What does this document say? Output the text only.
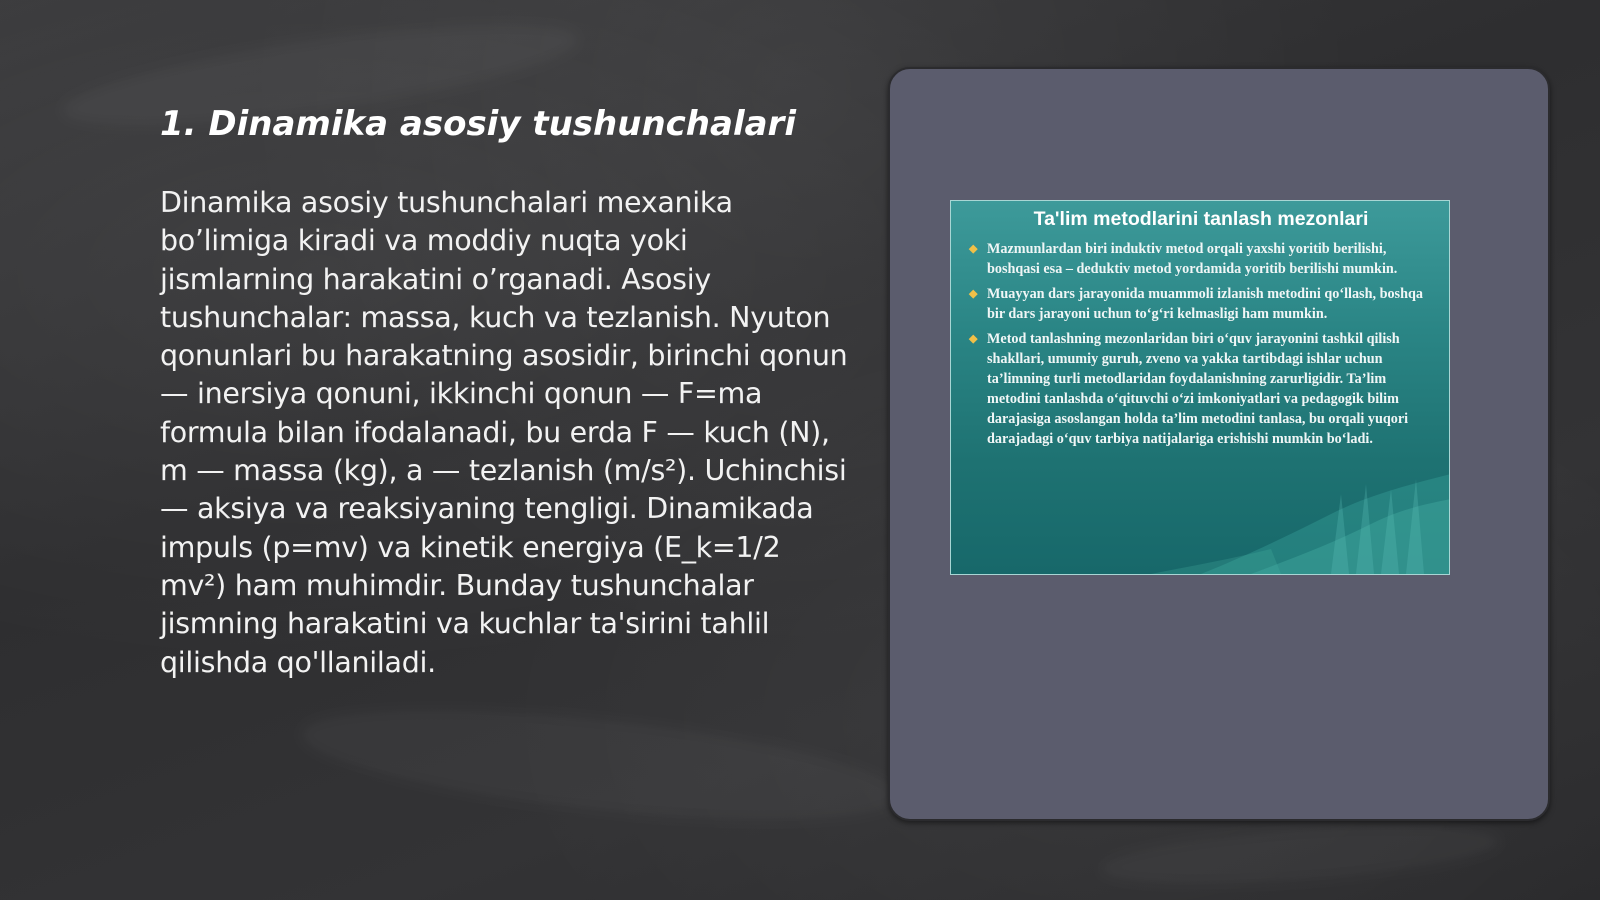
1. Dinamika asosiy tushunchalari

Dinamika asosiy tushunchalari mexanika bo’limiga kiradi va moddiy nuqta yoki jismlarning harakatini o’rganadi. Asosiy tushunchalar: massa, kuch va tezlanish. Nyuton qonunlari bu harakatning asosidir, birinchi qonun — inersiya qonuni, ikkinchi qonun — F=ma formula bilan ifodalanadi, bu erda F — kuch (N), m — massa (kg), a — tezlanish (m/s²). Uchinchisi — aksiya va reaksiyaning tengligi. Dinamikada impuls (p=mv) va kinetik energiya (E_k=1/2 mv²) ham muhimdir. Bunday tushunchalar jismning harakatini va kuchlar ta'sirini tahlil qilishda qo'llaniladi.

Ta'lim metodlarini tanlash mezonlari
◆ Mazmunlardan biri induktiv metod orqali yaxshi yoritib berilishi, boshqasi esa – deduktiv metod yordamida yoritib berilishi mumkin.
◆ Muayyan dars jarayonida muammoli izlanish metodini qo‘llash, boshqa bir dars jarayoni uchun to‘g‘ri kelmasligi ham mumkin.
◆ Metod tanlashning mezonlaridan biri o‘quv jarayonini tashkil qilish shakllari, umumiy guruh, zveno va yakka tartibdagi ishlar uchun ta’limning turli metodlaridan foydalanishning zarurligidir. Ta’lim metodini tanlashda o‘qituvchi o‘zi imkoniyatlari va pedagogik bilim darajasiga asoslangan holda ta’lim metodini tanlasa, bu orqali yuqori darajadagi o‘quv tarbiya natijalariga erishishi mumkin bo‘ladi.
